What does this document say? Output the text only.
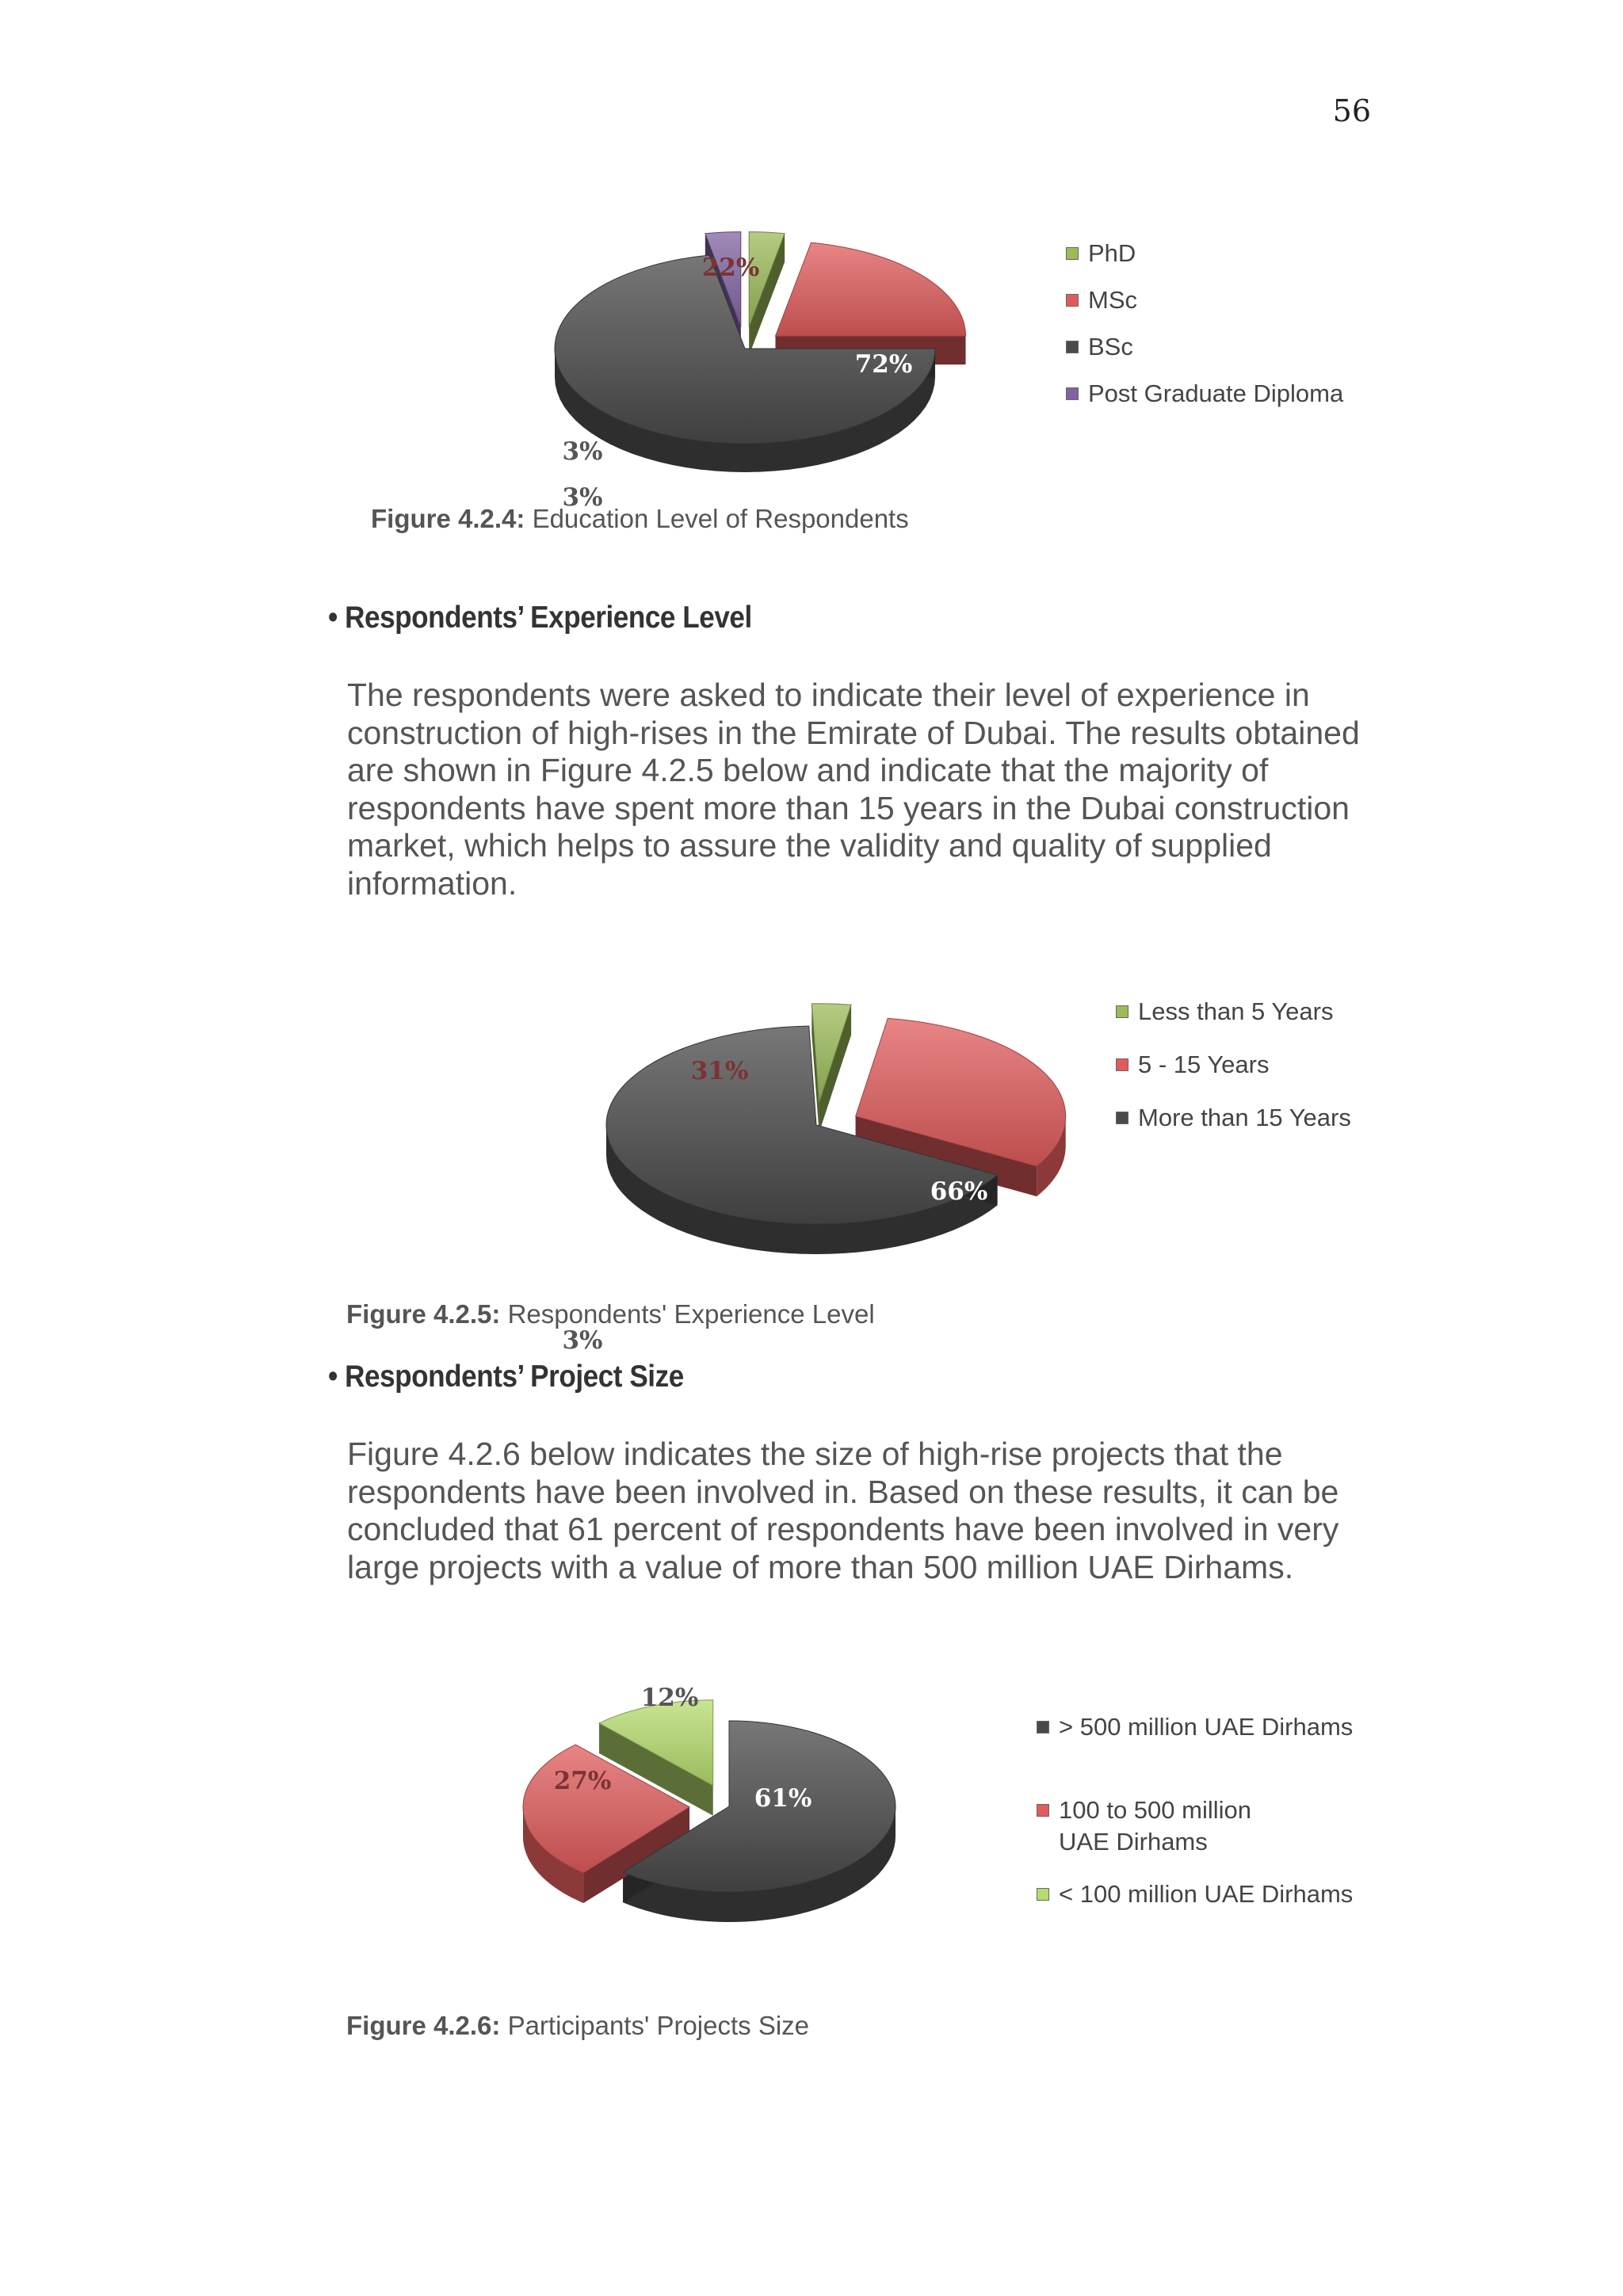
56
3%
22%
72%
3%
PhD
MSc
BSc
Post Graduate Diploma
Figure 4.2.4: Education Level of Respondents
• Respondents’ Experience Level
The respondents were asked to indicate their level of experience in
construction of high-rises in the Emirate of Dubai. The results obtained
are shown in Figure 4.2.5 below and indicate that the majority of
respondents have spent more than 15 years in the Dubai construction
market, which helps to assure the validity and quality of supplied
information.
3%
31%
66%
Less than 5 Years
5 - 15 Years
More than 15 Years
Figure 4.2.5: Respondents' Experience Level
• Respondents’ Project Size
Figure 4.2.6 below indicates the size of high-rise projects that the
respondents have been involved in. Based on these results, it can be
concluded that 61 percent of respondents have been involved in very
large projects with a value of more than 500 million UAE Dirhams.
61%
27%
12%
> 500 million UAE Dirhams
100 to 500 million UAE Dirhams
< 100 million UAE Dirhams
Figure 4.2.6: Participants' Projects Size
